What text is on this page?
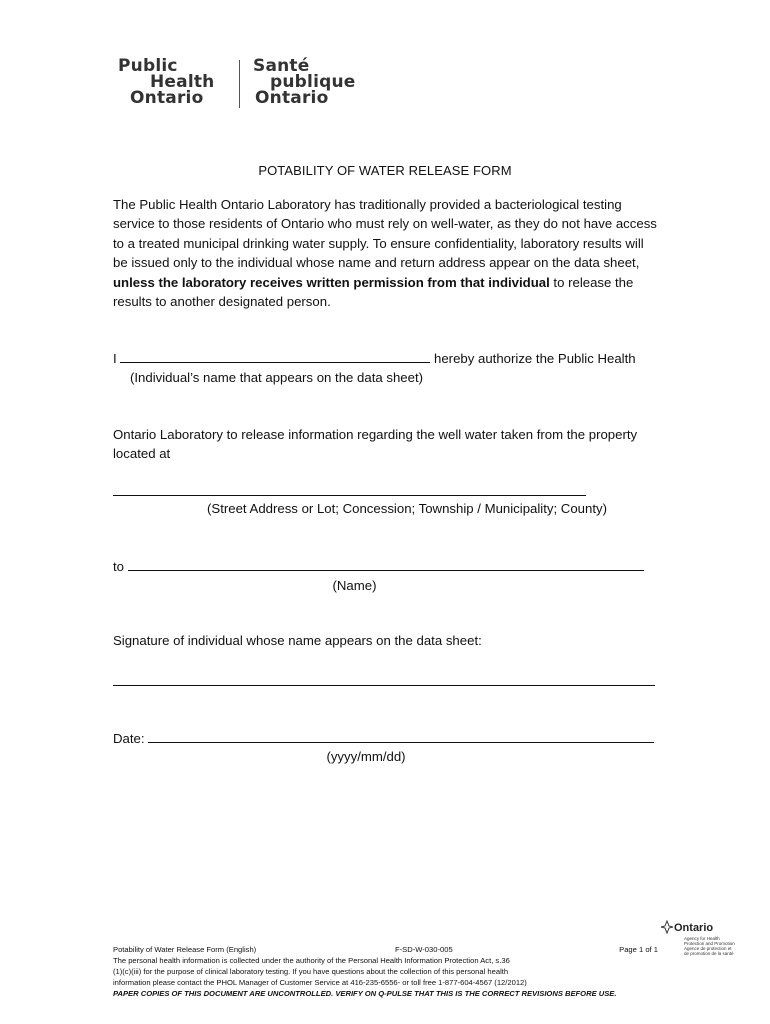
Public
Health
Ontario
Santé
publique
Ontario
POTABILITY OF WATER RELEASE FORM
The Public Health Ontario Laboratory has traditionally provided a bacteriological testing service to those residents of Ontario who must rely on well-water, as they do not have access to a treated municipal drinking water supply. To ensure confidentiality, laboratory results will be issued only to the individual whose name and return address appear on the data sheet, unless the laboratory receives written permission from that individual to release the results to another designated person.
I	hereby authorize the Public Health
(Individual’s name that appears on the data sheet)
Ontario Laboratory to release information regarding the well water taken from the property located at
(Street Address or Lot; Concession; Township / Municipality; County)
to
(Name)
Signature of individual whose name appears on the data sheet:
Date:
(yyyy/mm/dd)
Ontario
Agency for Health
Protection and Promotion
Agence de protection et
de promotion de la santé
Potability of Water Release Form (English)	F-SD-W-030-005	Page 1 of 1
The personal health information is collected under the authority of the Personal Health Information Protection Act, s.36
(1)(c)(iii) for the purpose of clinical laboratory testing. If you have questions about the collection of this personal health
information please contact the PHOL Manager of Customer Service at 416-235-6556- or toll free 1-877-604-4567 (12/2012)
PAPER COPIES OF THIS DOCUMENT ARE UNCONTROLLED. VERIFY ON Q-PULSE THAT THIS IS THE CORRECT REVISIONS BEFORE USE.
